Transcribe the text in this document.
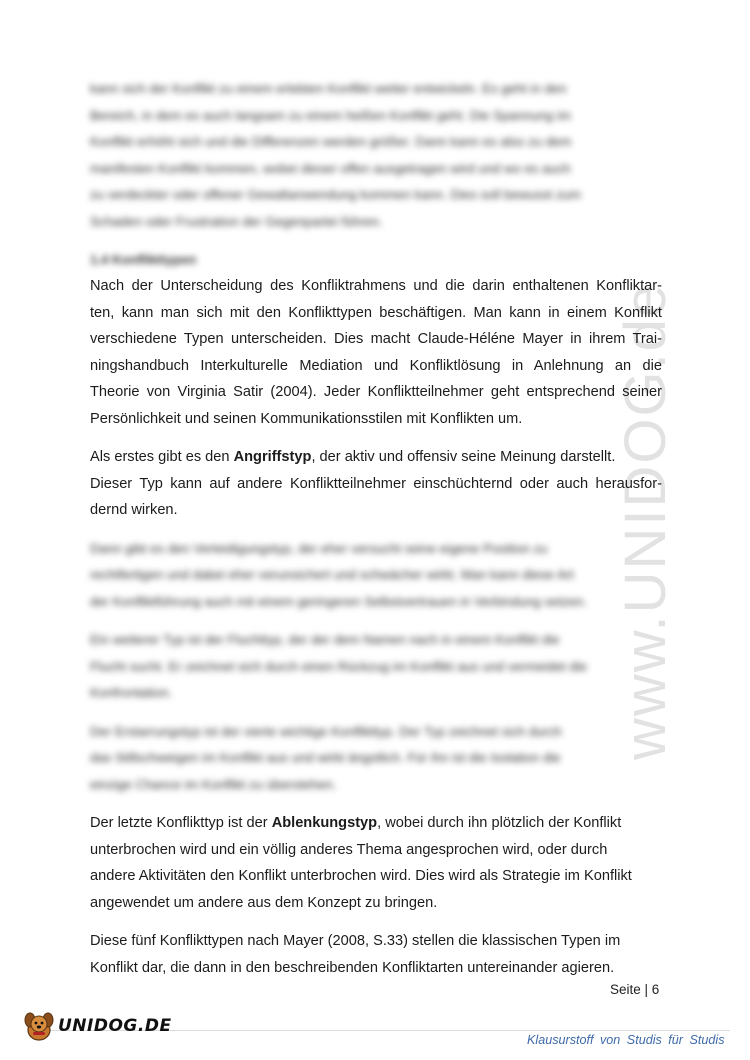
www.UNIDOG.de

kann sich der Konflikt zu einem erlebten Konflikt weiter entwickeln. Es geht in den
Bereich, in dem es auch langsam zu einem heißen Konflikt geht. Die Spannung im
Konflikt erhöht sich und die Differenzen werden größer. Dann kann es also zu dem
manifesten Konflikt kommen, wobei dieser offen ausgetragen wird und wo es auch
zu verdeckter oder offener Gewaltanwendung kommen kann. Dies soll bewusst zum
Schaden oder Frustration der Gegenpartei führen.

1.4 Konflikttypen

Nach der Unterscheidung des Konfliktrahmens und die darin enthaltenen Konfliktar-
ten, kann man sich mit den Konflikttypen beschäftigen. Man kann in einem Konflikt
verschiedene Typen unterscheiden. Dies macht Claude-Héléne Mayer in ihrem Trai-
ningshandbuch Interkulturelle Mediation und Konfliktlösung in Anlehnung an die
Theorie von Virginia Satir (2004). Jeder Konfliktteilnehmer geht entsprechend seiner
Persönlichkeit und seinen Kommunikationsstilen mit Konflikten um.

Als erstes gibt es den Angriffstyp, der aktiv und offensiv seine Meinung darstellt.
Dieser Typ kann auf andere Konfliktteilnehmer einschüchternd oder auch herausfor-
dernd wirken.

Dann gibt es den Verteidigungstyp, der eher versucht seine eigene Position zu
rechtfertigen und dabei eher verunsichert und schwächer wirkt. Man kann diese Art
der Konfliktführung auch mit einem geringeren Selbstvertrauen in Verbindung setzen.

Ein weiterer Typ ist der Fluchttyp, der der dem Namen nach in einem Konflikt die
Flucht sucht. Er zeichnet sich durch einen Rückzug im Konflikt aus und vermeidet die
Konfrontation.

Der Erstarrungstyp ist der vierte wichtige Konflikttyp. Der Typ zeichnet sich durch
das Stillschweigen im Konflikt aus und wirkt ängstlich. Für ihn ist die Isolation die
einzige Chance im Konflikt zu überstehen.

Der letzte Konflikttyp ist der Ablenkungstyp, wobei durch ihn plötzlich der Konflikt
unterbrochen wird und ein völlig anderes Thema angesprochen wird, oder durch
andere Aktivitäten den Konflikt unterbrochen wird. Dies wird als Strategie im Konflikt
angewendet um andere aus dem Konzept zu bringen.

Diese fünf Konflikttypen nach Mayer (2008, S.33) stellen die klassischen Typen im
Konflikt dar, die dann in den beschreibenden Konfliktarten untereinander agieren.

Seite | 6
UNIDOG.DE
Klausurstoff von Studis für Studis
